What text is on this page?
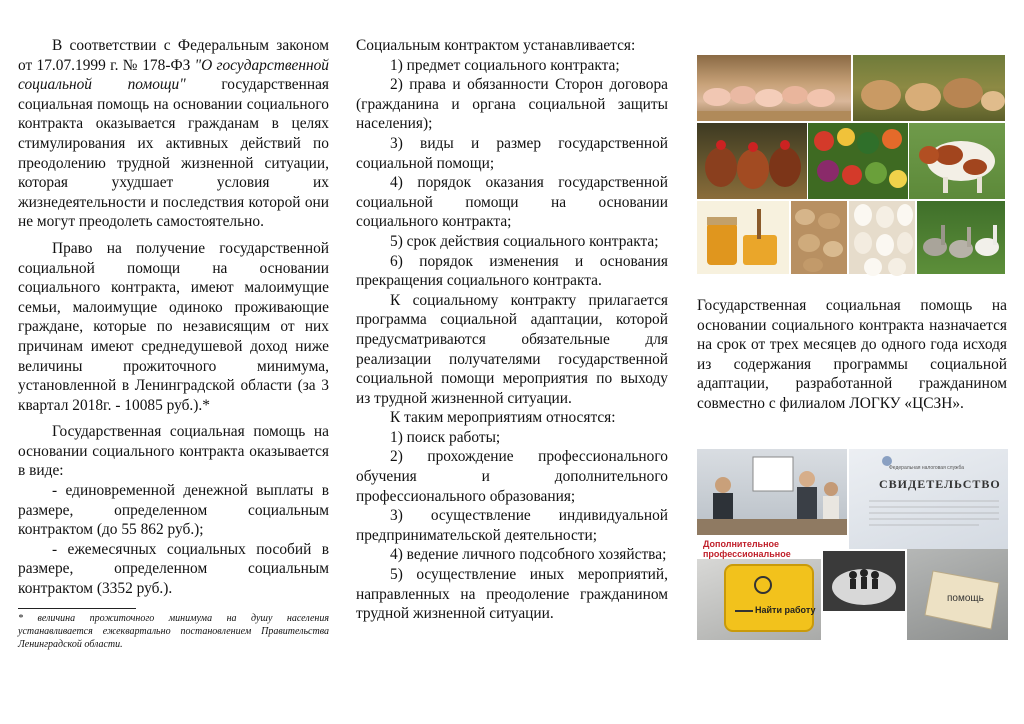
В соответствии с Федеральным законом от 17.07.1999 г. № 178-ФЗ "О государственной социальной помощи" государственная социальная помощь на основании социального контракта оказывается гражданам в целях стимулирования их активных действий по преодолению трудной жизненной ситуации, которая ухудшает условия их жизнедеятельности и последствия которой они не могут преодолеть самостоятельно.

Право на получение государственной социальной помощи на основании социального контракта, имеют малоимущие семьи, малоимущие одиноко проживающие граждане, которые по независящим от них причинам имеют среднедушевой доход ниже величины прожиточного минимума, установленной в Ленинградской области (за 3 квартал 2018г. - 10085 руб.).*

Государственная социальная помощь на основании социального контракта оказывается в виде:

- единовременной денежной выплаты в размере, определенном социальным контрактом (до 55 862 руб.);

- ежемесячных социальных пособий в размере, определенном социальным контрактом (3352 руб.).

* величина прожиточного минимума на душу населения устанавливается ежеквартально постановлением Правительства Ленинградской области.

Социальным контрактом устанавливается:

1) предмет социального контракта;

2) права и обязанности Сторон договора (гражданина и органа социальной защиты населения);

3) виды и размер государственной социальной помощи;

4) порядок оказания государственной социальной помощи на основании социального контракта;

5) срок действия социального контракта;

6) порядок изменения и основания прекращения социального контракта.

К социальному контракту прилагается программа социальной адаптации, которой предусматриваются обязательные для реализации получателями государственной социальной помощи мероприятия по выходу из трудной жизненной ситуации.

К таким мероприятиям относятся:

1) поиск работы;

2) прохождение профессионального обучения и дополнительного профессионального образования;

3) осуществление индивидуальной предпринимательской деятельности;

4) ведение личного подсобного хозяйства;

5) осуществление иных мероприятий, направленных на преодоление гражданином трудной жизненной ситуации.

Государственная социальная помощь на основании социального контракта назначается на срок от трех месяцев до одного года исходя из содержания программы социальной адаптации, разработанной гражданином совместно с филиалом ЛОГКУ «ЦСЗН».

Федеральная налоговая служба
СВИДЕТЕЛЬСТВО
Дополнительное профессиональное
Найти работу
помощь
